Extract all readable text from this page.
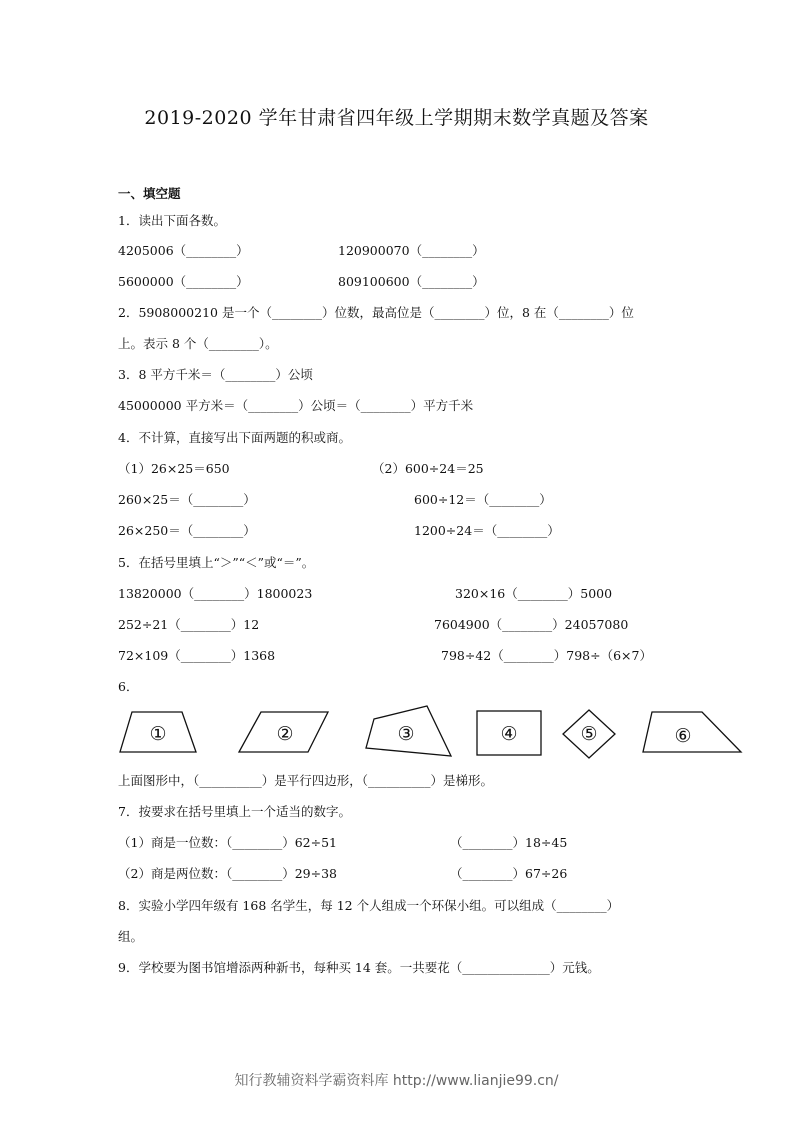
2019-2020 学年甘肃省四年级上学期期末数学真题及答案
一、填空题
1．读出下面各数。
4205006（________）	120900070（________）
5600000（________）	809100600（________）
2．5908000210 是一个（________）位数，最高位是（________）位，8 在（________）位
上。表示 8 个（________）。
3．8 平方千米＝（________）公顷
45000000 平方米＝（________）公顷＝（________）平方千米
4．不计算，直接写出下面两题的积或商。
（1）26×25＝650	（2）600÷24＝25
260×25＝（________）	600÷12＝（________）
26×250＝（________）	1200÷24＝（________）
5．在括号里填上“＞”“＜”或“＝”。
13820000（________）1800023	320×16（________）5000
252÷21（________）12	7604900（________）24057080
72×109（________）1368	798÷42（________）798÷（6×7）
6．
①	②	③	④	⑤	⑥
上面图形中，（__________）是平行四边形，（__________）是梯形。
7．按要求在括号里填上一个适当的数字。
（1）商是一位数：（________）62÷51	（________）18÷45
（2）商是两位数：（________）29÷38	（________）67÷26
8．实验小学四年级有 168 名学生，每 12 个人组成一个环保小组。可以组成（________）
组。
9．学校要为图书馆增添两种新书，每种买 14 套。一共要花（______________）元钱。
知行教辅资料学霸资料库 http://www.lianjie99.cn/
